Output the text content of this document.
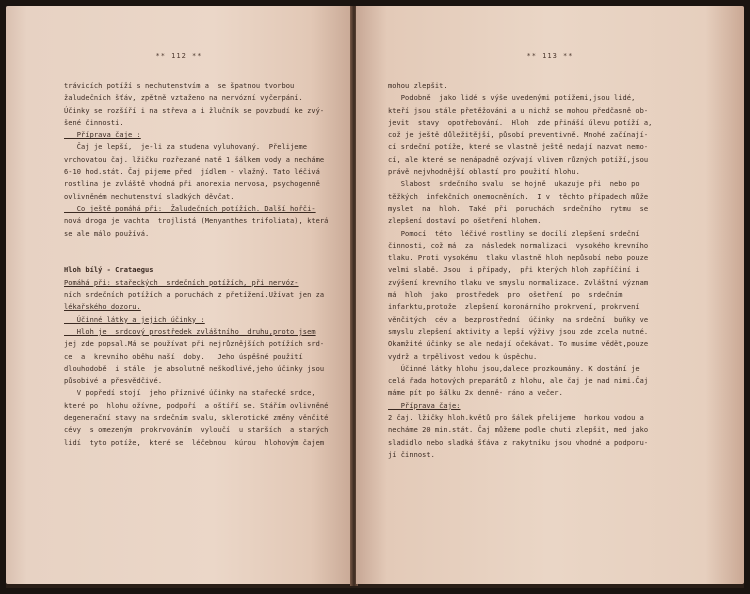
** 112 **
trávicích potíží s nechutenstvím a  se špatnou tvorbou
žaludečních šťáv, zpětně vztaženo na nervózní vyčerpání.
Účinky se rozšíří i na střeva a i žlučník se povzbudí ke zvý-
šené činnosti.
Příprava čaje :
Čaj je lepší,  je-li za studena vyluhovaný.  Přelijeme
vrchovatou čaj. lžičku rozřezané natě 1 šálkem vody a necháme
6-10 hod.stát. Čaj pijeme před  jídlem - vlažný. Tato léčivá
rostlina je zvláště vhodná při anorexia nervosa, psychogenně
ovlivněném nechutenství sladkých děvčat.
Co ještě pomáhá při:  Žaludečních potížích. Další hořči-
nová droga je vachta  trojlistá (Menyanthes trifoliata), která
se ale málo používá.

Hloh bílý - Crataegus
Pomáhá při: stařeckých  srdečních potížích, při nervóz-
ních srdečních potížích a poruchách z přetížení.Užívat jen za
lékařského dozoru.
Účinné látky a jejich účinky :
Hloh je  srdcový prostředek zvláštního  druhu,proto jsem
jej zde popsal.Má se používat při nejrůznějších potížích srd-
ce  a  krevního oběhu naší  doby.   Jeho úspěšné použití
dlouhodobě  i stále  je absolutně neškodlivé,jeho účinky jsou
působivé a přesvědčivé.
V popředí stojí  jeho příznivé účinky na stařecké srdce,
které po  hlohu ožívne, podpoří  a oštíří se. Stářím ovlivněné
degenerační stavy na srdečním svalu, sklerotické změny věnčité
cévy  s omezeným  prokrvováním  vyloučí  u starších  a starých
lidí  tyto potíže,  které se  léčebnou  kúrou  hlohovým čajem
** 113 **
mohou zlepšit.
Podobně  jako lidé s výše uvedenými potížemi,jsou lidé,
kteří jsou stále přetěžováni a u nichž se mohou předčasně ob-
jevit  stavy  opotřebování.  Hloh  zde přináší úlevu potíží a,
což je ještě důležitější, působí preventivně. Mnohé začínají-
cí srdeční potíže, které se vlastně ještě nedají nazvat nemo-
cí, ale které se nenápadně ozývají vlivem různých potíží,jsou
právě nejvhodnější oblastí pro použití hlohu.
Slabost  srdečního svalu  se hojně  ukazuje při  nebo po
těžkých  infekčních onemocněních.  I v  těchto případech může
myslet  na  hloh.  Také  při  poruchách  srdečního  rytmu  se
zlepšení dostaví po ošetření hlohem.
Pomocí  této  léčivé rostliny se docílí zlepšení srdeční
činnosti, což má  za  následek normalizaci  vysokého krevního
tlaku. Proti vysokému  tlaku vlastně hloh nepůsobí nebo pouze
velmi slabě. Jsou  i případy,  při kterých hloh zapříčiní i
zvýšení krevního tlaku ve smyslu normalizace. Zvláštní význam
má  hloh  jako  prostředek  pro  ošetření  po  srdečním
infarktu,protože  zlepšení koronárního prokrvení, prokrvení
věnčitých  cév a  bezprostřední  účinky  na srdeční  buňky ve
smyslu zlepšení aktivity a lepší výživy jsou zde zcela nutné.
Okamžité účinky se ale nedají očekávat. To musíme vědět,pouze
vydrž a trpělivost vedou k úspěchu.
Účinné látky hlohu jsou,dalece prozkoumány. K dostání je
celá řada hotových preparátů z hlohu, ale čaj je nad nimi.Čaj
máme pít po šálku 2x denně- ráno a večer.
Příprava čaje:
2 čaj. lžičky hloh.květů pro šálek přelijeme  horkou vodou a
necháme 20 min.stát. Čaj můžeme podle chuti zlepšit, med jako
sladidlo nebo sladká šťáva z rakytníku jsou vhodné a podporu-
jí činnost.
